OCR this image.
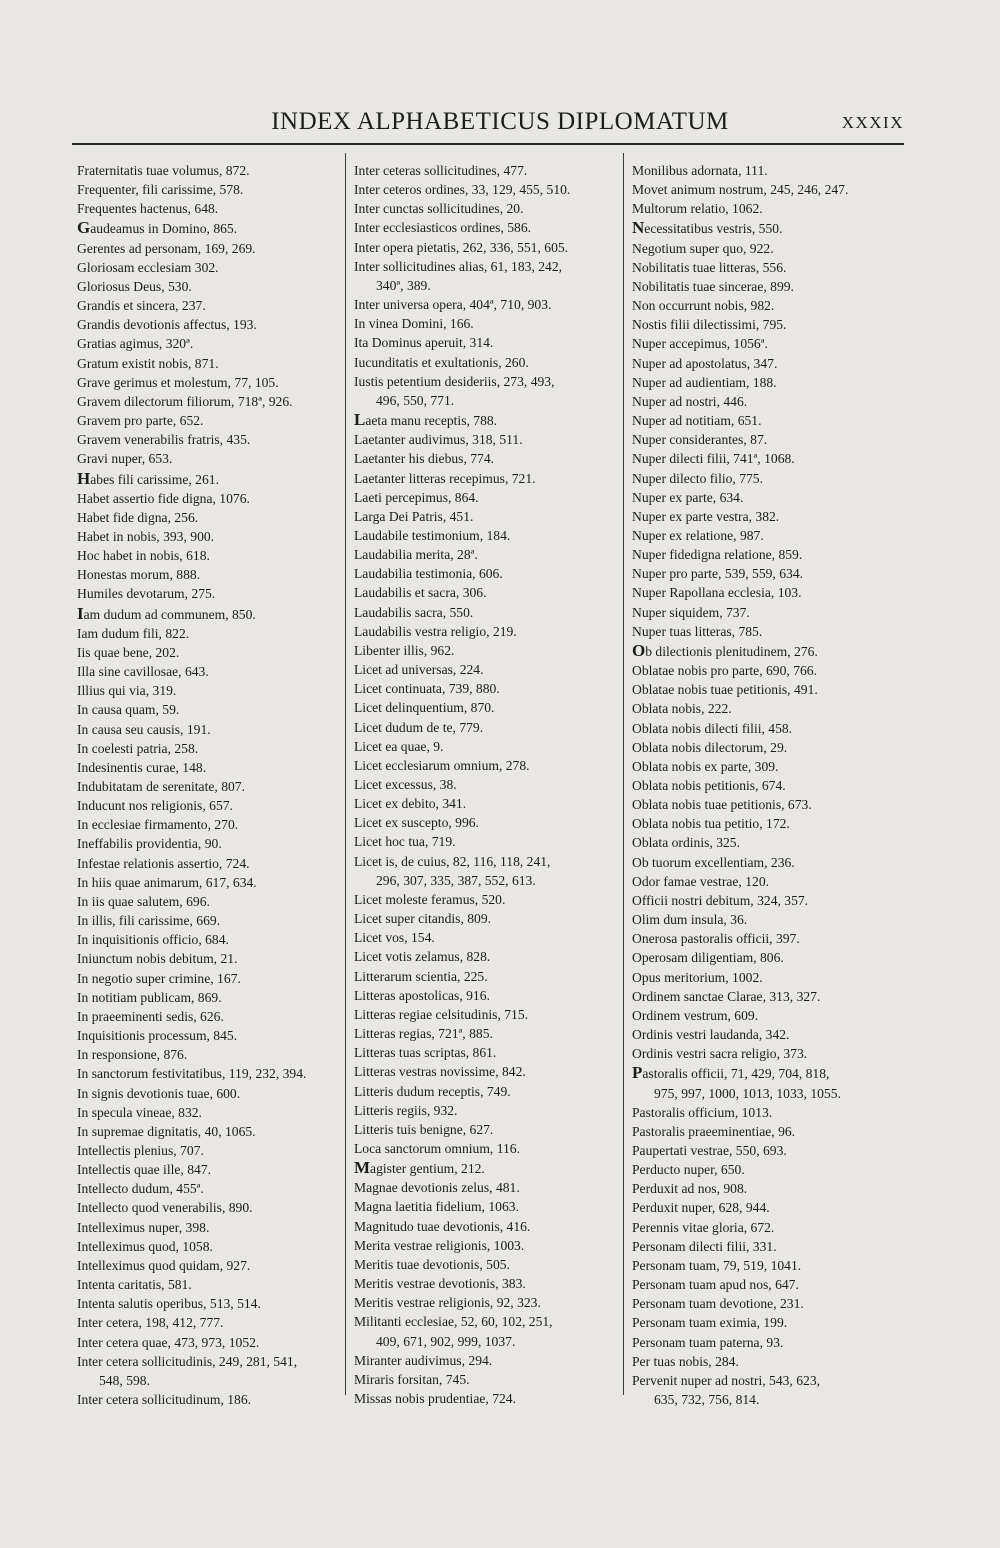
INDEX ALPHABETICUS DIPLOMATUM	XXXIX
Fraternitatis tuae volumus, 872.
Frequenter, fili carissime, 578.
Frequentes hactenus, 648.
Gaudeamus in Domino, 865.
Gerentes ad personam, 169, 269.
Gloriosam ecclesiam 302.
Gloriosus Deus, 530.
Grandis et sincera, 237.
Grandis devotionis affectus, 193.
Gratias agimus, 320ª.
Gratum existit nobis, 871.
Grave gerimus et molestum, 77, 105.
Gravem dilectorum filiorum, 718ª, 926.
Gravem pro parte, 652.
Gravem venerabilis fratris, 435.
Gravi nuper, 653.
Habes fili carissime, 261.
Habet assertio fide digna, 1076.
Habet fide digna, 256.
Habet in nobis, 393, 900.
Hoc habet in nobis, 618.
Honestas morum, 888.
Humiles devotarum, 275.
Iam dudum ad communem, 850.
Iam dudum fili, 822.
Iis quae bene, 202.
Illa sine cavillosae, 643.
Illius qui via, 319.
In causa quam, 59.
In causa seu causis, 191.
In coelesti patria, 258.
Indesinentis curae, 148.
Indubitatam de serenitate, 807.
Inducunt nos religionis, 657.
In ecclesiae firmamento, 270.
Ineffabilis providentia, 90.
Infestae relationis assertio, 724.
In hiis quae animarum, 617, 634.
In iis quae salutem, 696.
In illis, fili carissime, 669.
In inquisitionis officio, 684.
Iniunctum nobis debitum, 21.
In negotio super crimine, 167.
In notitiam publicam, 869.
In praeeminenti sedis, 626.
Inquisitionis processum, 845.
In responsione, 876.
In sanctorum festivitatibus, 119, 232, 394.
In signis devotionis tuae, 600.
In specula vineae, 832.
In supremae dignitatis, 40, 1065.
Intellectis plenius, 707.
Intellectis quae ille, 847.
Intellecto dudum, 455ª.
Intellecto quod venerabilis, 890.
Intelleximus nuper, 398.
Intelleximus quod, 1058.
Intelleximus quod quidam, 927.
Intenta caritatis, 581.
Intenta salutis operibus, 513, 514.
Inter cetera, 198, 412, 777.
Inter cetera quae, 473, 973, 1052.
Inter cetera sollicitudinis, 249, 281, 541,
548, 598.
Inter cetera sollicitudinum, 186.
Inter ceteras sollicitudines, 477.
Inter ceteros ordines, 33, 129, 455, 510.
Inter cunctas sollicitudines, 20.
Inter ecclesiasticos ordines, 586.
Inter opera pietatis, 262, 336, 551, 605.
Inter sollicitudines alias, 61, 183, 242,
340ª, 389.
Inter universa opera, 404ª, 710, 903.
In vinea Domini, 166.
Ita Dominus aperuit, 314.
Iucunditatis et exultationis, 260.
Iustis petentium desideriis, 273, 493,
496, 550, 771.
Laeta manu receptis, 788.
Laetanter audivimus, 318, 511.
Laetanter his diebus, 774.
Laetanter litteras recepimus, 721.
Laeti percepimus, 864.
Larga Dei Patris, 451.
Laudabile testimonium, 184.
Laudabilia merita, 28ª.
Laudabilia testimonia, 606.
Laudabilis et sacra, 306.
Laudabilis sacra, 550.
Laudabilis vestra religio, 219.
Libenter illis, 962.
Licet ad universas, 224.
Licet continuata, 739, 880.
Licet delinquentium, 870.
Licet dudum de te, 779.
Licet ea quae, 9.
Licet ecclesiarum omnium, 278.
Licet excessus, 38.
Licet ex debito, 341.
Licet ex suscepto, 996.
Licet hoc tua, 719.
Licet is, de cuius, 82, 116, 118, 241,
296, 307, 335, 387, 552, 613.
Licet moleste feramus, 520.
Licet super citandis, 809.
Licet vos, 154.
Licet votis zelamus, 828.
Litterarum scientia, 225.
Litteras apostolicas, 916.
Litteras regiae celsitudinis, 715.
Litteras regias, 721ª, 885.
Litteras tuas scriptas, 861.
Litteras vestras novissime, 842.
Litteris dudum receptis, 749.
Litteris regiis, 932.
Litteris tuis benigne, 627.
Loca sanctorum omnium, 116.
Magister gentium, 212.
Magnae devotionis zelus, 481.
Magna laetitia fidelium, 1063.
Magnitudo tuae devotionis, 416.
Merita vestrae religionis, 1003.
Meritis tuae devotionis, 505.
Meritis vestrae devotionis, 383.
Meritis vestrae religionis, 92, 323.
Militanti ecclesiae, 52, 60, 102, 251,
409, 671, 902, 999, 1037.
Miranter audivimus, 294.
Miraris forsitan, 745.
Missas nobis prudentiae, 724.
Monilibus adornata, 111.
Movet animum nostrum, 245, 246, 247.
Multorum relatio, 1062.
Necessitatibus vestris, 550.
Negotium super quo, 922.
Nobilitatis tuae litteras, 556.
Nobilitatis tuae sincerae, 899.
Non occurrunt nobis, 982.
Nostis filii dilectissimi, 795.
Nuper accepimus, 1056ª.
Nuper ad apostolatus, 347.
Nuper ad audientiam, 188.
Nuper ad nostri, 446.
Nuper ad notitiam, 651.
Nuper considerantes, 87.
Nuper dilecti filii, 741ª, 1068.
Nuper dilecto filio, 775.
Nuper ex parte, 634.
Nuper ex parte vestra, 382.
Nuper ex relatione, 987.
Nuper fidedigna relatione, 859.
Nuper pro parte, 539, 559, 634.
Nuper Rapollana ecclesia, 103.
Nuper siquidem, 737.
Nuper tuas litteras, 785.
Ob dilectionis plenitudinem, 276.
Oblatae nobis pro parte, 690, 766.
Oblatae nobis tuae petitionis, 491.
Oblata nobis, 222.
Oblata nobis dilecti filii, 458.
Oblata nobis dilectorum, 29.
Oblata nobis ex parte, 309.
Oblata nobis petitionis, 674.
Oblata nobis tuae petitionis, 673.
Oblata nobis tua petitio, 172.
Oblata ordinis, 325.
Ob tuorum excellentiam, 236.
Odor famae vestrae, 120.
Officii nostri debitum, 324, 357.
Olim dum insula, 36.
Onerosa pastoralis officii, 397.
Operosam diligentiam, 806.
Opus meritorium, 1002.
Ordinem sanctae Clarae, 313, 327.
Ordinem vestrum, 609.
Ordinis vestri laudanda, 342.
Ordinis vestri sacra religio, 373.
Pastoralis officii, 71, 429, 704, 818,
975, 997, 1000, 1013, 1033, 1055.
Pastoralis officium, 1013.
Pastoralis praeeminentiae, 96.
Paupertati vestrae, 550, 693.
Perducto nuper, 650.
Perduxit ad nos, 908.
Perduxit nuper, 628, 944.
Perennis vitae gloria, 672.
Personam dilecti filii, 331.
Personam tuam, 79, 519, 1041.
Personam tuam apud nos, 647.
Personam tuam devotione, 231.
Personam tuam eximia, 199.
Personam tuam paterna, 93.
Per tuas nobis, 284.
Pervenit nuper ad nostri, 543, 623,
635, 732, 756, 814.
